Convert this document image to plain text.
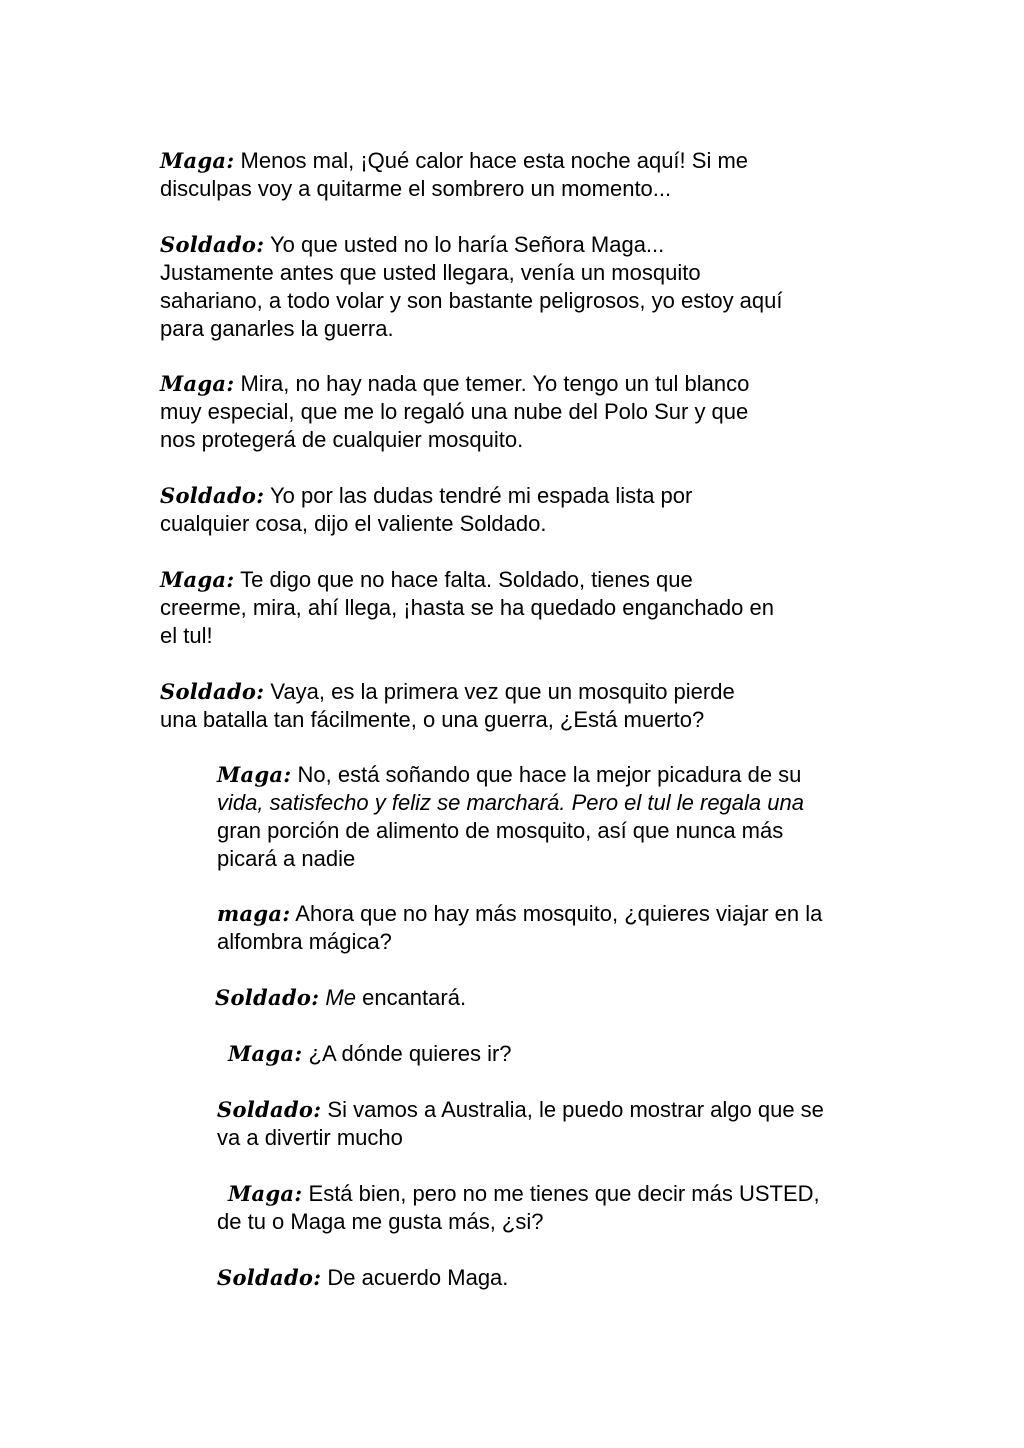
Maga: Menos mal, ¡Qué calor hace esta noche aquí! Si me
disculpas voy a quitarme el sombrero un momento...
Soldado: Yo que usted no lo haría Señora Maga...
Justamente antes que usted llegara, venía un mosquito
sahariano, a todo volar y son bastante peligrosos, yo estoy aquí
para ganarles la guerra.
Maga: Mira, no hay nada que temer. Yo tengo un tul blanco
muy especial, que me lo regaló una nube del Polo Sur y que
nos protegerá de cualquier mosquito.
Soldado: Yo por las dudas tendré mi espada lista por
cualquier cosa, dijo el valiente Soldado.
Maga: Te digo que no hace falta. Soldado, tienes que
creerme, mira, ahí llega, ¡hasta se ha quedado enganchado en
el tul!
Soldado: Vaya, es la primera vez que un mosquito pierde
una batalla tan fácilmente, o una guerra, ¿Está muerto?
Maga: No, está soñando que hace la mejor picadura de su
vida, satisfecho y feliz se marchará. Pero el tul le regala una
gran porción de alimento de mosquito, así que nunca más
picará a nadie
maga: Ahora que no hay más mosquito, ¿quieres viajar en la
alfombra mágica?
Soldado: Me encantará.
Maga: ¿A dónde quieres ir?
Soldado: Si vamos a Australia, le puedo mostrar algo que se
va a divertir mucho
Maga: Está bien, pero no me tienes que decir más USTED,
de tu o Maga me gusta más, ¿si?
Soldado: De acuerdo Maga.
